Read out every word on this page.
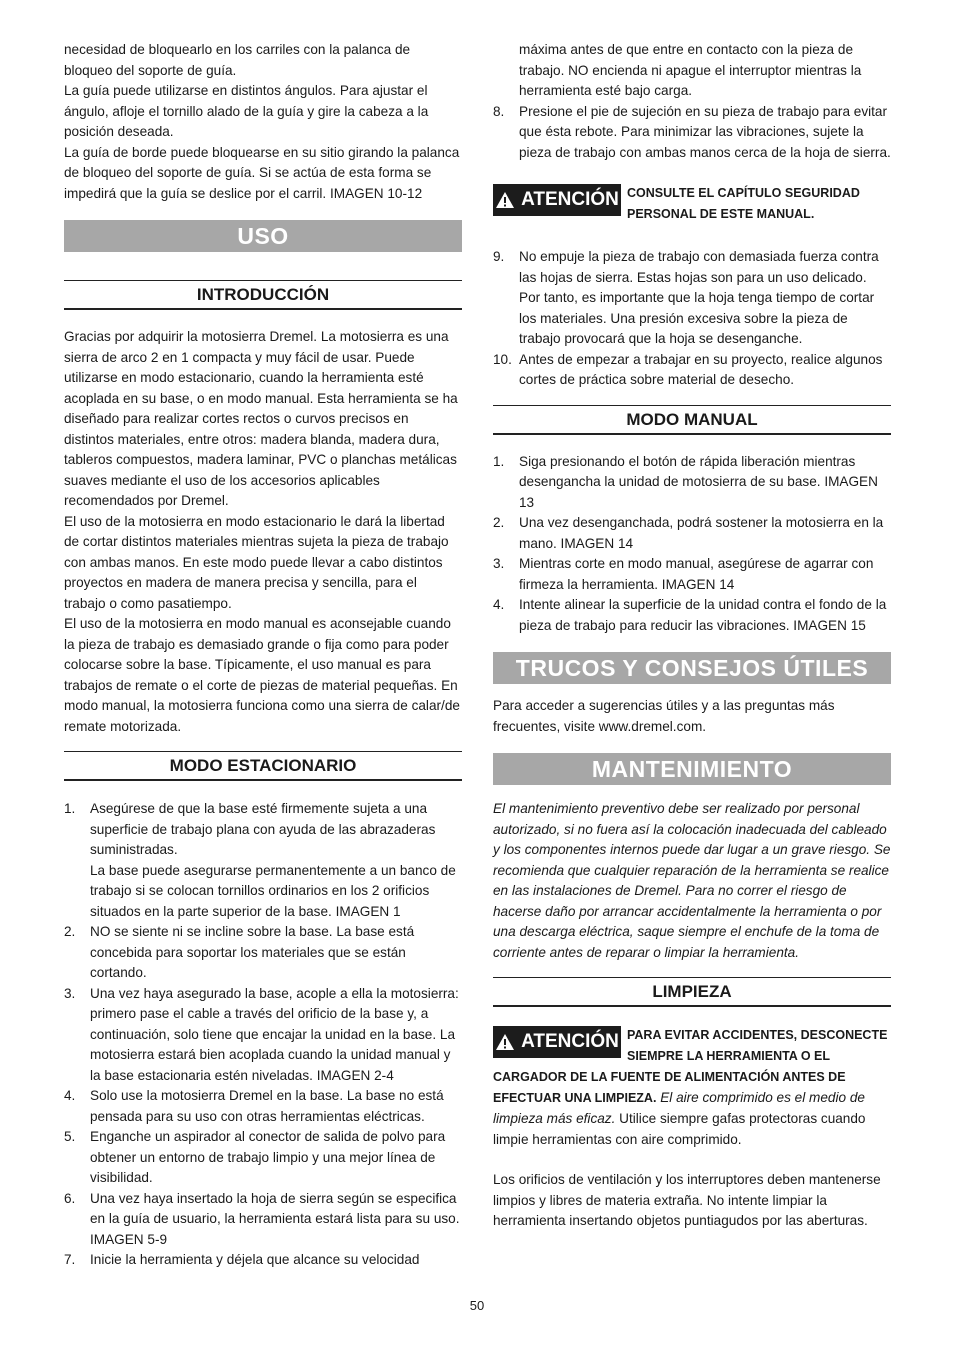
necesidad de bloquearlo en los carriles con la palanca de bloqueo del soporte de guía.

La guía puede utilizarse en distintos ángulos. Para ajustar el ángulo, afloje el tornillo alado de la guía y gire la cabeza a la posición deseada.

La guía de borde puede bloquearse en su sitio girando la palanca de bloqueo del soporte de guía. Si se actúa de esta forma se impedirá que la guía se deslice por el carril. IMAGEN 10-12

USO
INTRODUCCIÓN

Gracias por adquirir la motosierra Dremel. La motosierra es una sierra de arco 2 en 1 compacta y muy fácil de usar. Puede utilizarse en modo estacionario, cuando la herramienta esté acoplada en su base, o en modo manual. Esta herramienta se ha diseñado para realizar cortes rectos o curvos precisos en distintos materiales, entre otros: madera blanda, madera dura, tableros compuestos, madera laminar, PVC o planchas metálicas suaves mediante el uso de los accesorios aplicables recomendados por Dremel.

El uso de la motosierra en modo estacionario le dará la libertad de cortar distintos materiales mientras sujeta la pieza de trabajo con ambas manos. En este modo puede llevar a cabo distintos proyectos en madera de manera precisa y sencilla, para el trabajo o como pasatiempo.

El uso de la motosierra en modo manual es aconsejable cuando la pieza de trabajo es demasiado grande o fija como para poder colocarse sobre la base. Típicamente, el uso manual es para trabajos de remate o el corte de piezas de material pequeñas. En modo manual, la motosierra funciona como una sierra de calar/de remate motorizada.

MODO ESTACIONARIO
1. Asegúrese de que la base esté firmemente sujeta a una superficie de trabajo plana con ayuda de las abrazaderas suministradas.

La base puede asegurarse permanentemente a un banco de trabajo si se colocan tornillos ordinarios en los 2 orificios situados en la parte superior de la base. IMAGEN 1

2. NO se siente ni se incline sobre la base. La base está concebida para soportar los materiales que se están cortando.
3. Una vez haya asegurado la base, acople a ella la motosierra: primero pase el cable a través del orificio de la base y, a continuación, solo tiene que encajar la unidad en la base. La motosierra estará bien acoplada cuando la unidad manual y la base estacionaria estén niveladas. IMAGEN 2-4
4. Solo use la motosierra Dremel en la base. La base no está pensada para su uso con otras herramientas eléctricas.
5. Enganche un aspirador al conector de salida de polvo para obtener un entorno de trabajo limpio y una mejor línea de visibilidad.
6. Una vez haya insertado la hoja de sierra según se especifica en la guía de usuario, la herramienta estará lista para su uso. IMAGEN 5-9
7. Inicie la herramienta y déjela que alcance su velocidad
máxima antes de que entre en contacto con la pieza de trabajo. NO encienda ni apague el interruptor mientras la herramienta esté bajo carga.
8. Presione el pie de sujeción en su pieza de trabajo para evitar que ésta rebote. Para minimizar las vibraciones, sujete la pieza de trabajo con ambas manos cerca de la hoja de sierra.
ATENCIÓN CONSULTE EL CAPÍTULO SEGURIDAD PERSONAL DE ESTE MANUAL.
9. No empuje la pieza de trabajo con demasiada fuerza contra las hojas de sierra. Estas hojas son para un uso delicado. Por tanto, es importante que la hoja tenga tiempo de cortar los materiales. Una presión excesiva sobre la pieza de trabajo provocará que la hoja se desenganche.
10. Antes de empezar a trabajar en su proyecto, realice algunos cortes de práctica sobre material de desecho.
MODO MANUAL
1. Siga presionando el botón de rápida liberación mientras desengancha la unidad de motosierra de su base. IMAGEN 13
2. Una vez desenganchada, podrá sostener la motosierra en la mano. IMAGEN 14
3. Mientras corte en modo manual, asegúrese de agarrar con firmeza la herramienta. IMAGEN 14
4. Intente alinear la superficie de la unidad contra el fondo de la pieza de trabajo para reducir las vibraciones. IMAGEN 15
TRUCOS Y CONSEJOS ÚTILES

Para acceder a sugerencias útiles y a las preguntas más frecuentes, visite www.dremel.com.

MANTENIMIENTO

El mantenimiento preventivo debe ser realizado por personal autorizado, si no fuera así la colocación inadecuada del cableado y los componentes internos puede dar lugar a un grave riesgo. Se recomienda que cualquier reparación de la herramienta se realice en las instalaciones de Dremel. Para no correr el riesgo de hacerse daño por arrancar accidentalmente la herramienta o por una descarga eléctrica, saque siempre el enchufe de la toma de corriente antes de reparar o limpiar la herramienta.

LIMPIEZA
ATENCIÓN PARA EVITAR ACCIDENTES, DESCONECTE SIEMPRE LA HERRAMIENTA O EL CARGADOR DE LA FUENTE DE ALIMENTACIÓN ANTES DE EFECTUAR UNA LIMPIEZA. El aire comprimido es el medio de limpieza más eficaz. Utilice siempre gafas protectoras cuando limpie herramientas con aire comprimido.

Los orificios de ventilación y los interruptores deben mantenerse limpios y libres de materia extraña. No intente limpiar la herramienta insertando objetos puntiagudos por las aberturas.

50
